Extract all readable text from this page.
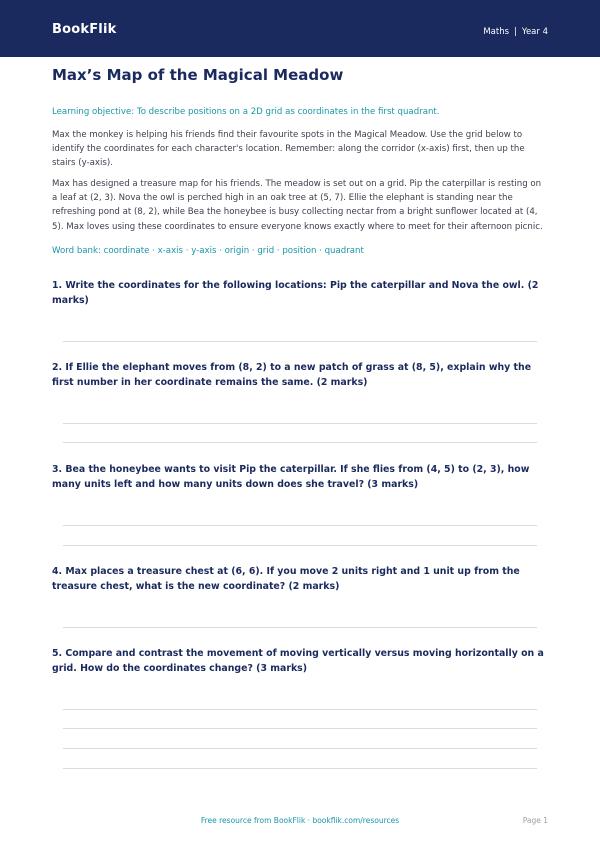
BookFlik	Maths | Year 4
Max’s Map of the Magical Meadow
Learning objective: To describe positions on a 2D grid as coordinates in the first quadrant.

Max the monkey is helping his friends find their favourite spots in the Magical Meadow. Use the grid below to identify the coordinates for each character's location. Remember: along the corridor (x-axis) first, then up the stairs (y-axis).

Max has designed a treasure map for his friends. The meadow is set out on a grid. Pip the caterpillar is resting on a leaf at (2, 3). Nova the owl is perched high in an oak tree at (5, 7). Ellie the elephant is standing near the refreshing pond at (8, 2), while Bea the honeybee is busy collecting nectar from a bright sunflower located at (4, 5). Max loves using these coordinates to ensure everyone knows exactly where to meet for their afternoon picnic.

Word bank: coordinate · x-axis · y-axis · origin · grid · position · quadrant
1. Write the coordinates for the following locations: Pip the caterpillar and Nova the owl. (2 marks)
2. If Ellie the elephant moves from (8, 2) to a new patch of grass at (8, 5), explain why the first number in her coordinate remains the same. (2 marks)
3. Bea the honeybee wants to visit Pip the caterpillar. If she flies from (4, 5) to (2, 3), how many units left and how many units down does she travel? (3 marks)
4. Max places a treasure chest at (6, 6). If you move 2 units right and 1 unit up from the treasure chest, what is the new coordinate? (2 marks)
5. Compare and contrast the movement of moving vertically versus moving horizontally on a grid. How do the coordinates change? (3 marks)
Free resource from BookFlik · bookflik.com/resources	Page 1
